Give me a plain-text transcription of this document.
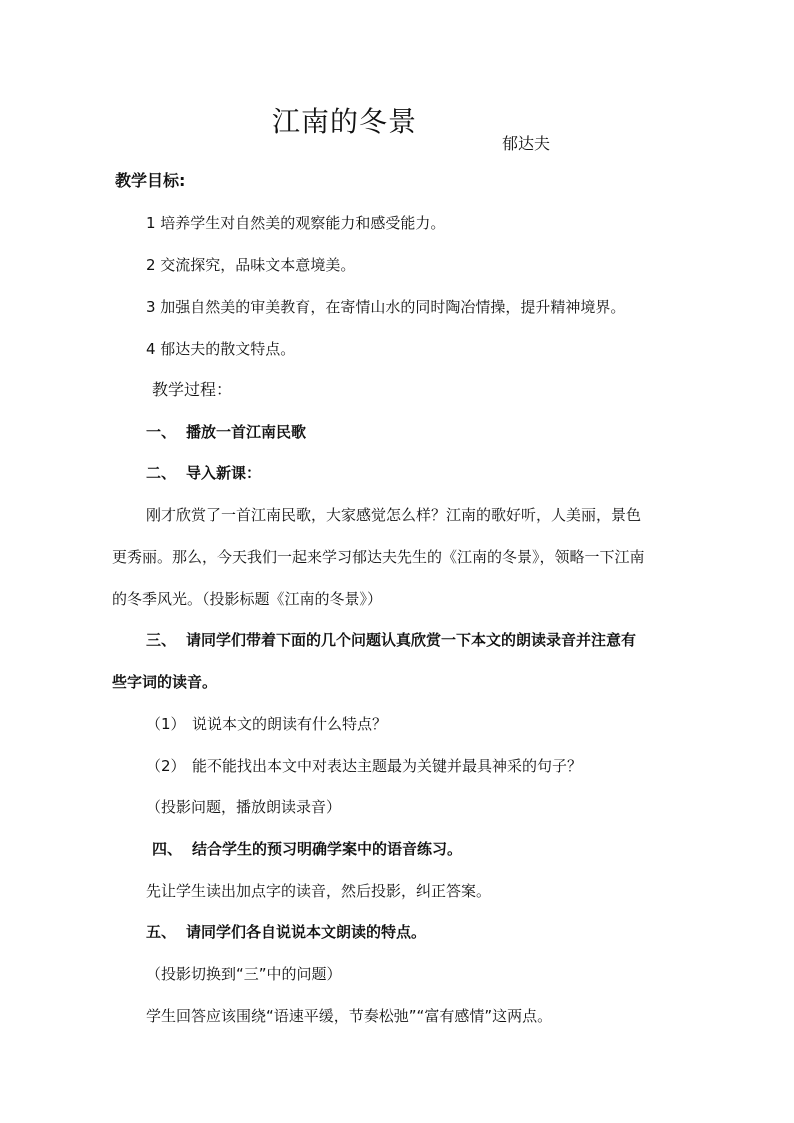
江南的冬景
郁达夫
教学目标:
1 培养学生对自然美的观察能力和感受能力。
2 交流探究，品味文本意境美。
3 加强自然美的审美教育，在寄情山水的同时陶冶情操，提升精神境界。
4 郁达夫的散文特点。
教学过程：
一、 播放一首江南民歌
二、 导入新课：
刚才欣赏了一首江南民歌，大家感觉怎么样？江南的歌好听，人美丽，景色
更秀丽。那么，今天我们一起来学习郁达夫先生的《江南的冬景》，领略一下江南
的冬季风光。（投影标题《江南的冬景》）
三、 请同学们带着下面的几个问题认真欣赏一下本文的朗读录音并注意有
些字词的读音。
（1） 说说本文的朗读有什么特点？
（2） 能不能找出本文中对表达主题最为关键并最具神采的句子？
（投影问题，播放朗读录音）
四、 结合学生的预习明确学案中的语音练习。
先让学生读出加点字的读音，然后投影，纠正答案。
五、 请同学们各自说说本文朗读的特点。
（投影切换到“三”中的问题）
学生回答应该围绕“语速平缓，节奏松弛”“富有感情”这两点。
